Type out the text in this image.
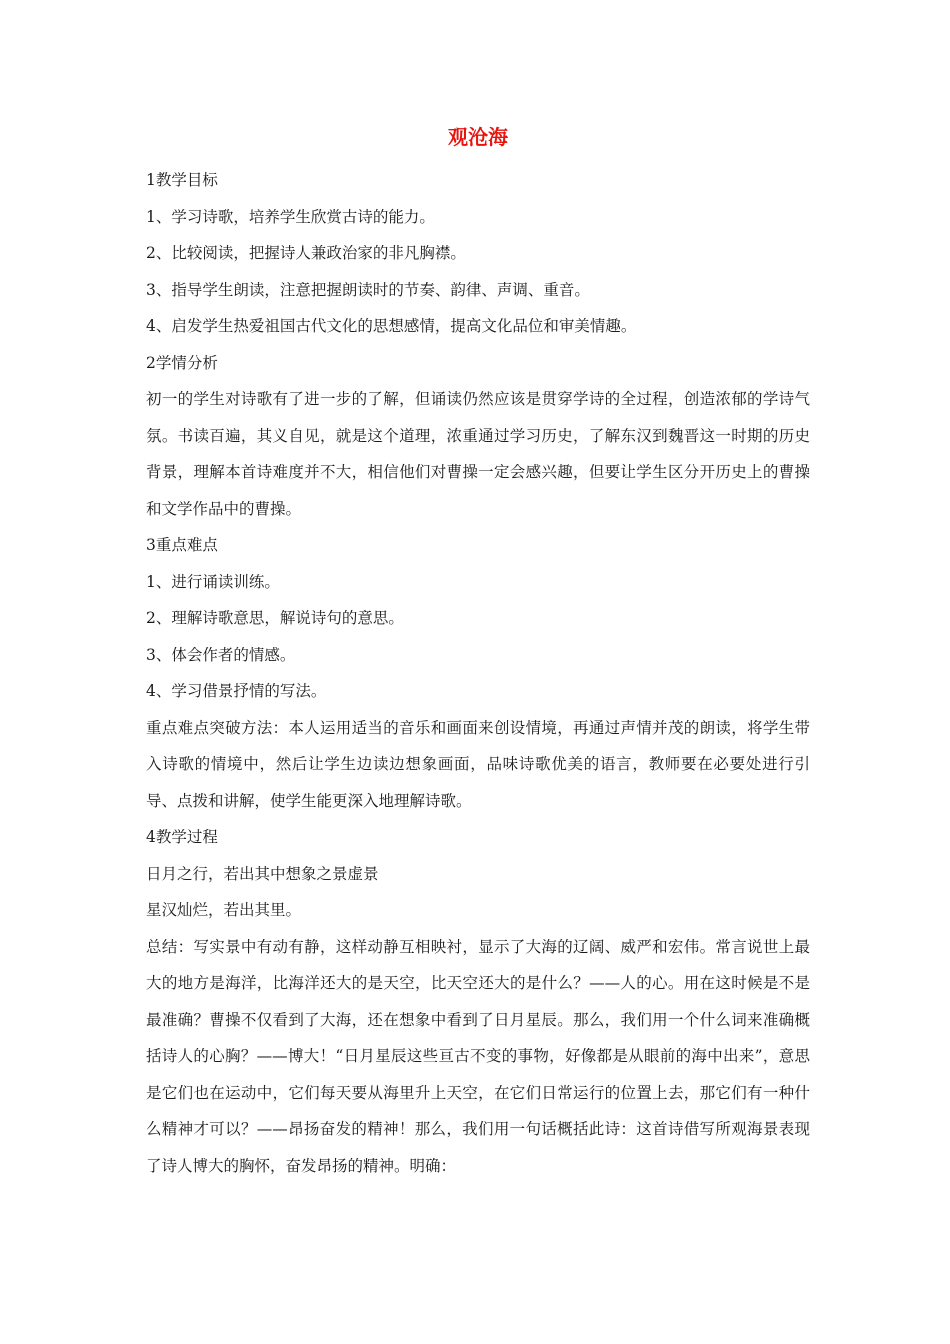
观沧海

1教学目标

1、学习诗歌，培养学生欣赏古诗的能力。

2、比较阅读，把握诗人兼政治家的非凡胸襟。

3、指导学生朗读，注意把握朗读时的节奏、韵律、声调、重音。

4、启发学生热爱祖国古代文化的思想感情，提高文化品位和审美情趣。

2学情分析

初一的学生对诗歌有了进一步的了解，但诵读仍然应该是贯穿学诗的全过程，创造浓郁的学诗气氛。书读百遍，其义自见，就是这个道理，浓重通过学习历史，了解东汉到魏晋这一时期的历史背景，理解本首诗难度并不大，相信他们对曹操一定会感兴趣，但要让学生区分开历史上的曹操和文学作品中的曹操。

3重点难点

1、进行诵读训练。

2、理解诗歌意思，解说诗句的意思。

3、体会作者的情感。

4、学习借景抒情的写法。

重点难点突破方法：本人运用适当的音乐和画面来创设情境，再通过声情并茂的朗读，将学生带入诗歌的情境中，然后让学生边读边想象画面，品味诗歌优美的语言，教师要在必要处进行引导、点拨和讲解，使学生能更深入地理解诗歌。

4教学过程

日月之行，若出其中想象之景虚景

星汉灿烂，若出其里。

总结：写实景中有动有静，这样动静互相映衬，显示了大海的辽阔、威严和宏伟。常言说世上最大的地方是海洋，比海洋还大的是天空，比天空还大的是什么？——人的心。用在这时候是不是最准确？曹操不仅看到了大海，还在想象中看到了日月星辰。那么，我们用一个什么词来准确概括诗人的心胸？——博大！“日月星辰这些亘古不变的事物，好像都是从眼前的海中出来”，意思是它们也在运动中，它们每天要从海里升上天空，在它们日常运行的位置上去，那它们有一种什么精神才可以？——昂扬奋发的精神！那么，我们用一句话概括此诗：这首诗借写所观海景表现了诗人博大的胸怀，奋发昂扬的精神。明确：
